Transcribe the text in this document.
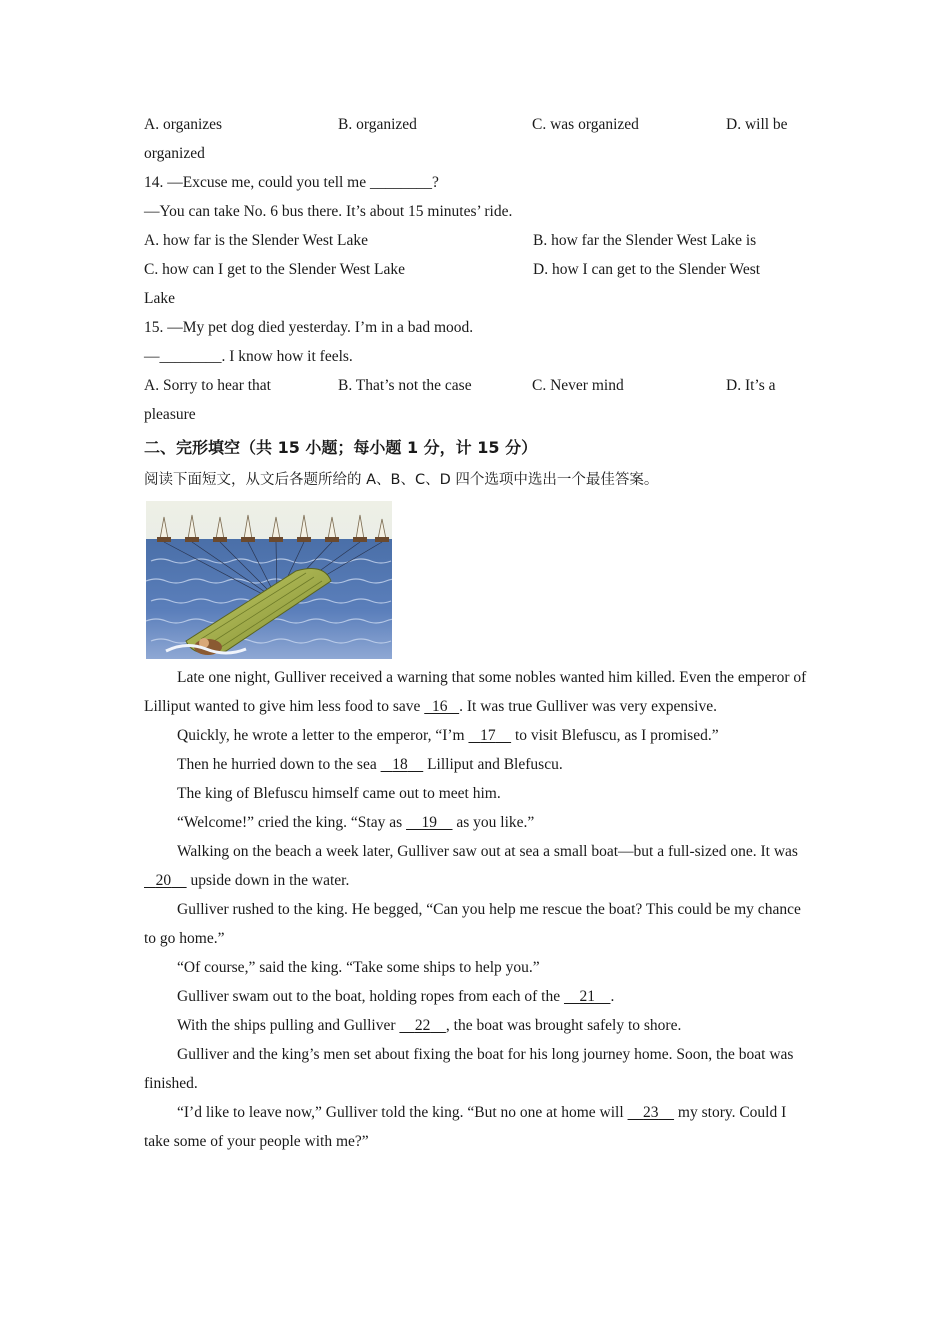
A. organizes	B. organized	C. was organized	D. will be
organized
14. —Excuse me, could you tell me ________?
—You can take No. 6 bus there. It’s about 15 minutes’ ride.
A. how far is the Slender West Lake	B. how far the Slender West Lake is
C. how can I get to the Slender West Lake	D. how I can get to the Slender West
Lake
15. —My pet dog died yesterday. I’m in a bad mood.
—________. I know how it feels.
A. Sorry to hear that	B. That’s not the case	C. Never mind	D. It’s a
pleasure
二、完形填空（共 15 小题；每小题 1 分，计 15 分）
阅读下面短文，从文后各题所给的 A、B、C、D 四个选项中选出一个最佳答案。
Late one night, Gulliver received a warning that some nobles wanted him killed. Even the emperor of Lilliput wanted to give him less food to save   16 . It was true Gulliver was very expensive.
Quickly, he wrote a letter to the emperor, “I’m    17     to visit Blefuscu, as I promised.”
Then he hurried down to the sea    18     Lilliput and Blefuscu.
The king of Blefuscu himself came out to meet him.
“Welcome!” cried the king. “Stay as     19     as you like.”
Walking on the beach a week later, Gulliver saw out at sea a small boat—but a full-sized one. It was    20     upside down in the water.
Gulliver rushed to the king. He begged, “Can you help me rescue the boat? This could be my chance to go home.”
“Of course,” said the king. “Take some ships to help you.”
Gulliver swam out to the boat, holding ropes from each of the     21 .
With the ships pulling and Gulliver     22 , the boat was brought safely to shore.
Gulliver and the king’s men set about fixing the boat for his long journey home. Soon, the boat was finished.
“I’d like to leave now,” Gulliver told the king. “But no one at home will     23     my story. Could I take some of your people with me?”
